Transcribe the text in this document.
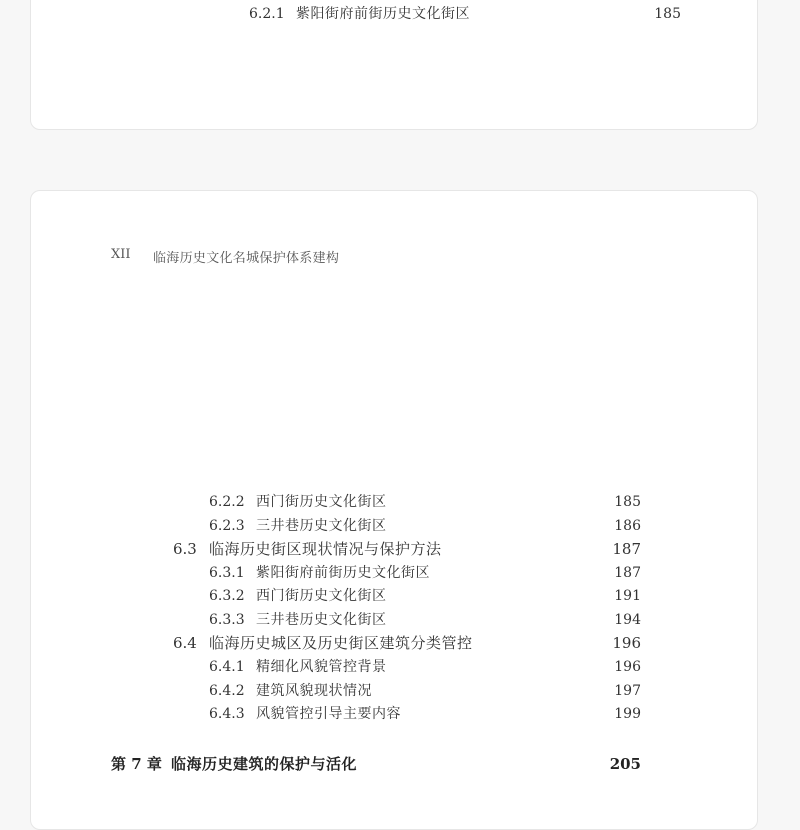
6.2.1 紫阳街府前街历史文化街区	185
XII 临海历史文化名城保护体系建构
6.2.2 西门街历史文化街区	185
6.2.3 三井巷历史文化街区	186
6.3 临海历史街区现状情况与保护方法	187
6.3.1 紫阳街府前街历史文化街区	187
6.3.2 西门街历史文化街区	191
6.3.3 三井巷历史文化街区	194
6.4 临海历史城区及历史街区建筑分类管控	196
6.4.1 精细化风貌管控背景	196
6.4.2 建筑风貌现状情况	197
6.4.3 风貌管控引导主要内容	199
第 7 章 临海历史建筑的保护与活化	205
